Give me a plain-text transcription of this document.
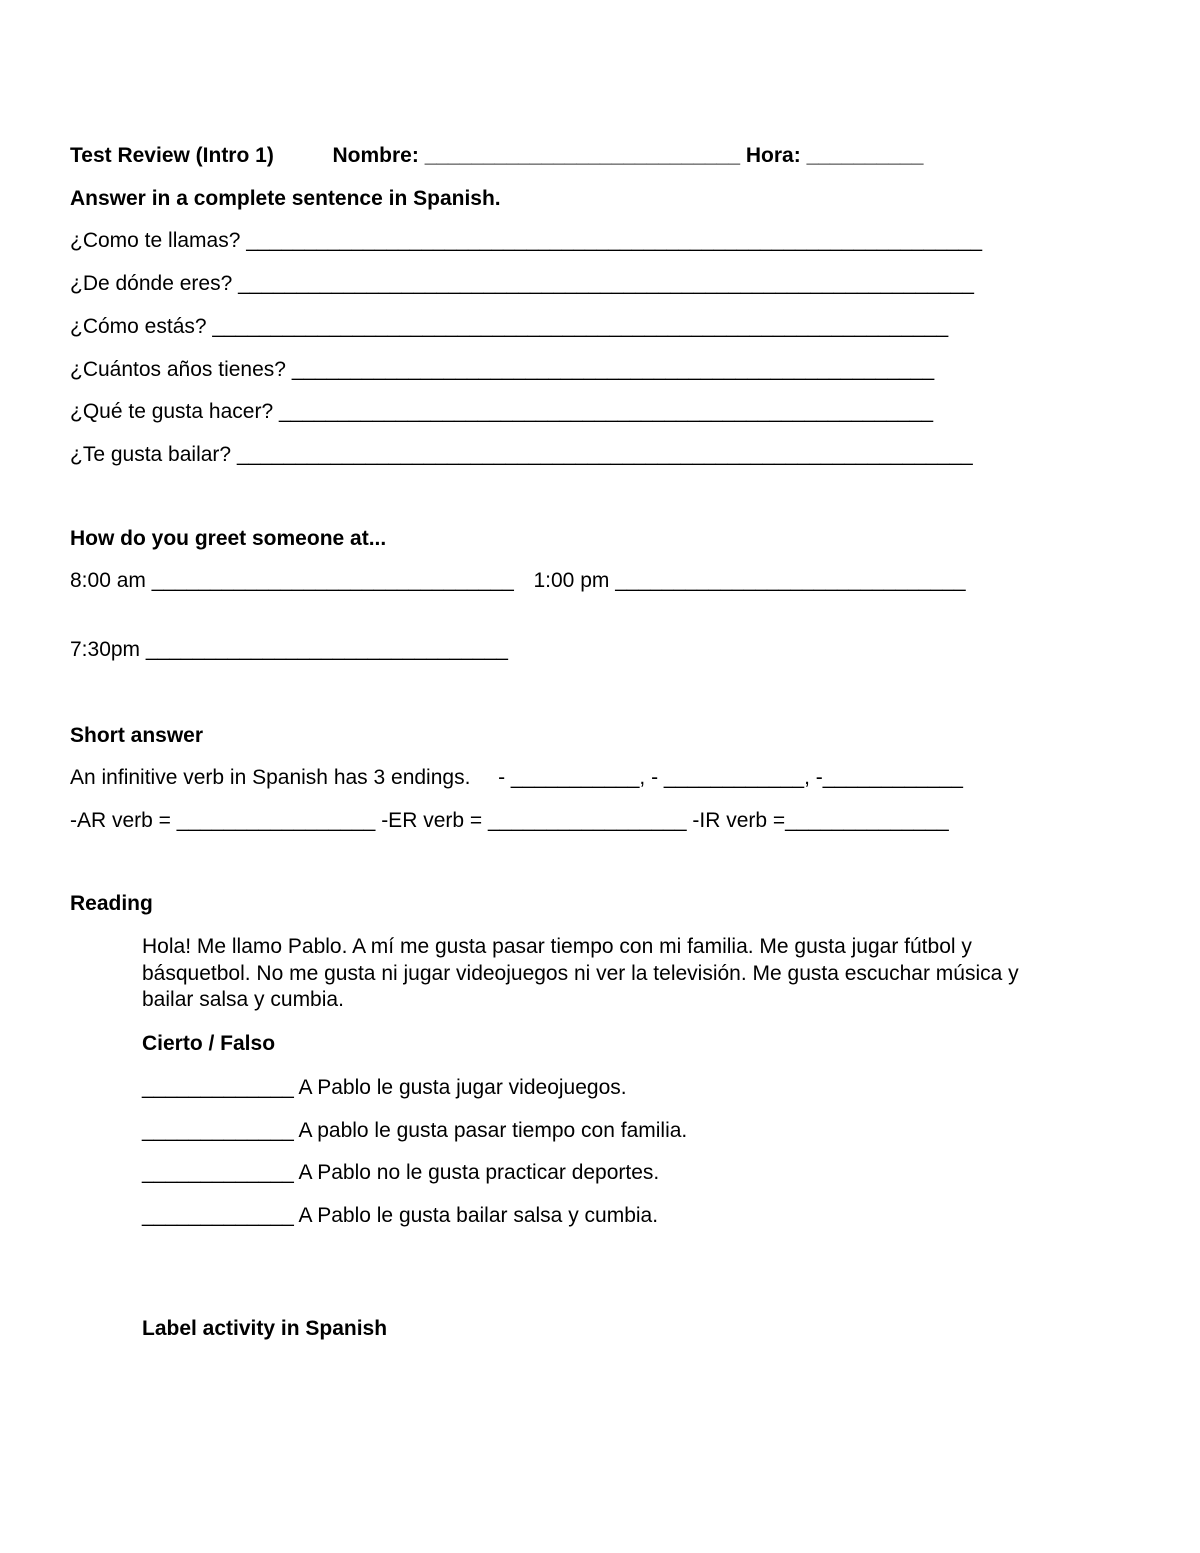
Test Review (Intro 1)	Nombre: ___________________________ Hora: __________
Answer in a complete sentence in Spanish.
¿Como te llamas? _______________________________________________________________
¿De dónde eres? _______________________________________________________________
¿Cómo estás? _______________________________________________________________
¿Cuántos años tienes? _______________________________________________________
¿Qué te gusta hacer? ________________________________________________________
¿Te gusta bailar? _______________________________________________________________
How do you greet someone at...
8:00 am _______________________________ 1:00 pm ______________________________
7:30pm _______________________________
Short answer
An infinitive verb in Spanish has 3 endings. - ___________, - ____________, -____________
-AR verb = _________________ -ER verb = _________________ -IR verb =______________
Reading
Hola! Me llamo Pablo. A mí me gusta pasar tiempo con mi familia. Me gusta jugar fútbol y básquetbol. No me gusta ni jugar videojuegos ni ver la televisión. Me gusta escuchar música y bailar salsa y cumbia.
Cierto / Falso
_____________ A Pablo le gusta jugar videojuegos.
_____________ A pablo le gusta pasar tiempo con familia.
_____________ A Pablo no le gusta practicar deportes.
_____________ A Pablo le gusta bailar salsa y cumbia.
Label activity in Spanish
